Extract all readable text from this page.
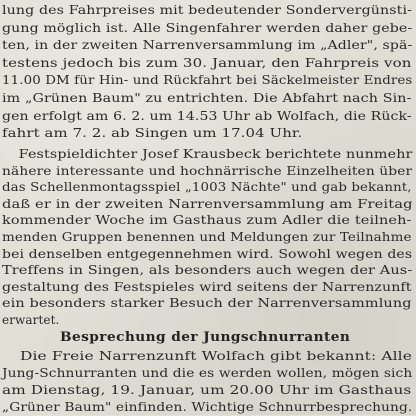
lung des Fahrpreises mit bedeutender Sondervergünsti-
gung möglich ist. Alle Singenfahrer werden daher gebe-
ten, in der zweiten Narrenversammlung im „Adler", spä-
testens jedoch bis zum 30. Januar, den Fahrpreis von
11.00 DM für Hin- und Rückfahrt bei Säckelmeister Endres
im „Grünen Baum" zu entrichten. Die Abfahrt nach Sin-
gen erfolgt am 6. 2. um 14.53 Uhr ab Wolfach, die Rück-
fahrt am 7. 2. ab Singen um 17.04 Uhr.
Festspieldichter Josef Krausbeck berichtete nunmehr
nähere interessante und hochnärrische Einzelheiten über
das Schellenmontagsspiel „1003 Nächte" und gab bekannt,
daß er in der zweiten Narrenversammlung am Freitag
kommender Woche im Gasthaus zum Adler die teilneh-
menden Gruppen benennen und Meldungen zur Teilnahme
bei denselben entgegennehmen wird. Sowohl wegen des
Treffens in Singen, als besonders auch wegen der Aus-
gestaltung des Festspieles wird seitens der Narrenzunft
ein besonders starker Besuch der Narrenversammlung
erwartet.
Besprechung der Jungschnurranten
Die Freie Narrenzunft Wolfach gibt bekannt: Alle
Jung-Schnurranten und die es werden wollen, mögen sich
am Dienstag, 19. Januar, um 20.00 Uhr im Gasthaus
„Grüner Baum" einfinden. Wichtige Schnurrbesprechung.
